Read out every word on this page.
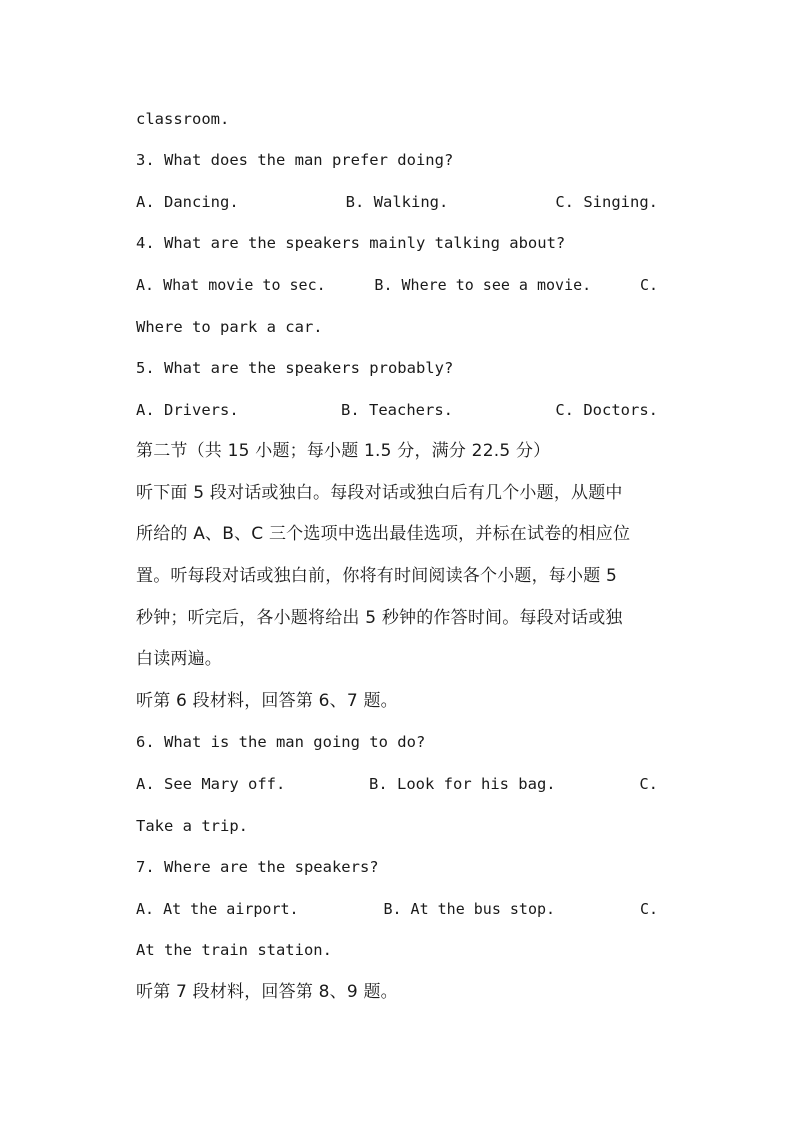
classroom.
3. What does the man prefer doing?
A. Dancing.	B. Walking.	C. Singing.
4. What are the speakers mainly talking about?
A. What movie to sec.	B. Where to see a movie.	C.
Where to park a car.
5. What are the speakers probably?
A. Drivers.	B. Teachers.	C. Doctors.
第二节（共 15 小题；每小题 1.5 分，满分 22.5 分）
听下面 5 段对话或独白。每段对话或独白后有几个小题，从题中
所给的 A、B、C 三个选项中选出最佳选项，并标在试卷的相应位
置。听每段对话或独白前，你将有时间阅读各个小题，每小题 5
秒钟；听完后，各小题将给出 5 秒钟的作答时间。每段对话或独
白读两遍。
听第 6 段材料，回答第 6、7 题。
6. What is the man going to do?
A. See Mary off.	B. Look for his bag.	C.
Take a trip.
7. Where are the speakers?
A. At the airport.	B. At the bus stop.	C.
At the train station.
听第 7 段材料，回答第 8、9 题。
